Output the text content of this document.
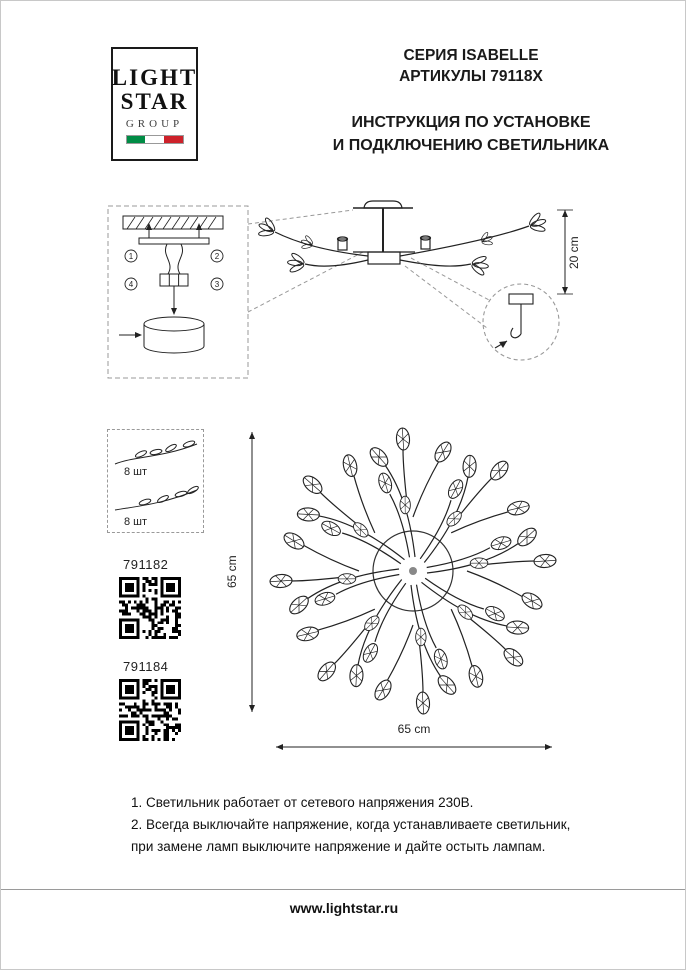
LIGHT
STAR
GROUP
СЕРИЯ ISABELLE
АРТИКУЛЫ 79118X
ИНСТРУКЦИЯ ПО УСТАНОВКЕ
И ПОДКЛЮЧЕНИЮ СВЕТИЛЬНИКА
1	2
3
4
20 cm
8 шт
8 шт
791182
791184
65 cm
65 cm
1. Светильник работает от сетевого напряжения 230В.
2. Всегда выключайте напряжение, когда устанавливаете светильник, при замене ламп выключите напряжение и дайте остыть лампам.
www.lightstar.ru
